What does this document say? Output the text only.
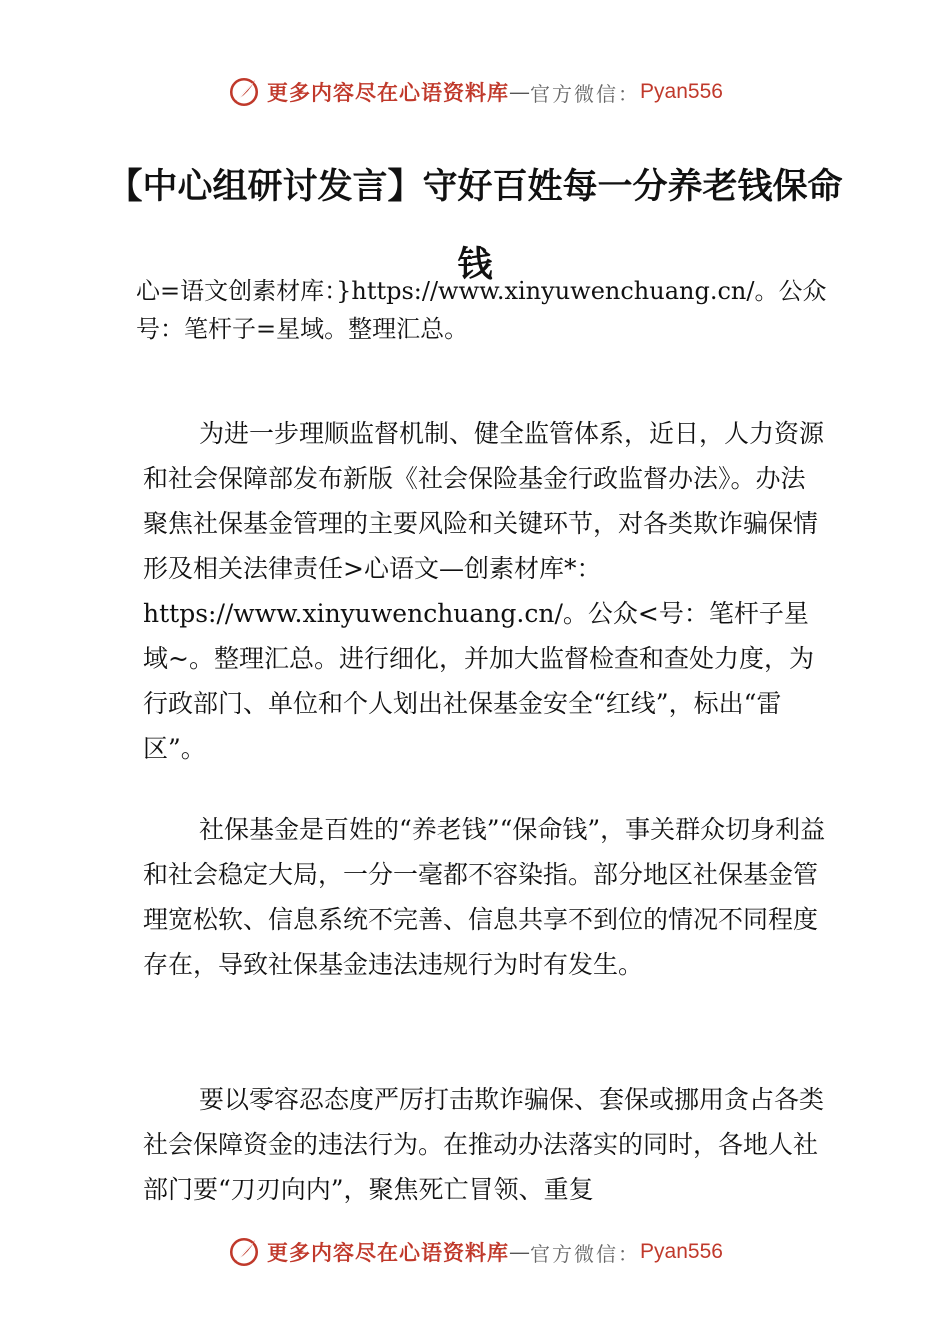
更多内容尽在心语资料库 — 官方微信： Pyan556
【中心组研讨发言】守好百姓每一分养老钱保命钱

心=语文创素材库：}https://www.xinyuwenchuang.cn/。公众号：笔杆子=星域。整理汇总。

为进一步理顺监督机制、健全监管体系，近日，人力资源和社会保障部发布新版《社会保险基金行政监督办法》。办法聚焦社保基金管理的主要风险和关键环节，对各类欺诈骗保情形及相关法律责任>心语文—创素材库*：https://www.xinyuwenchuang.cn/。公众<号：笔杆子星域~。整理汇总。进行细化，并加大监督检查和查处力度，为行政部门、单位和个人划出社保基金安全“红线”，标出“雷区”。

社保基金是百姓的“养老钱”“保命钱”，事关群众切身利益和社会稳定大局，一分一毫都不容染指。部分地区社保基金管理宽松软、信息系统不完善、信息共享不到位的情况不同程度存在，导致社保基金违法违规行为时有发生。

要以零容忍态度严厉打击欺诈骗保、套保或挪用贪占各类社会保障资金的违法行为。在推动办法落实的同时，各地人社部门要“刀刃向内”，聚焦死亡冒领、重复

更多内容尽在心语资料库 — 官方微信： Pyan556
